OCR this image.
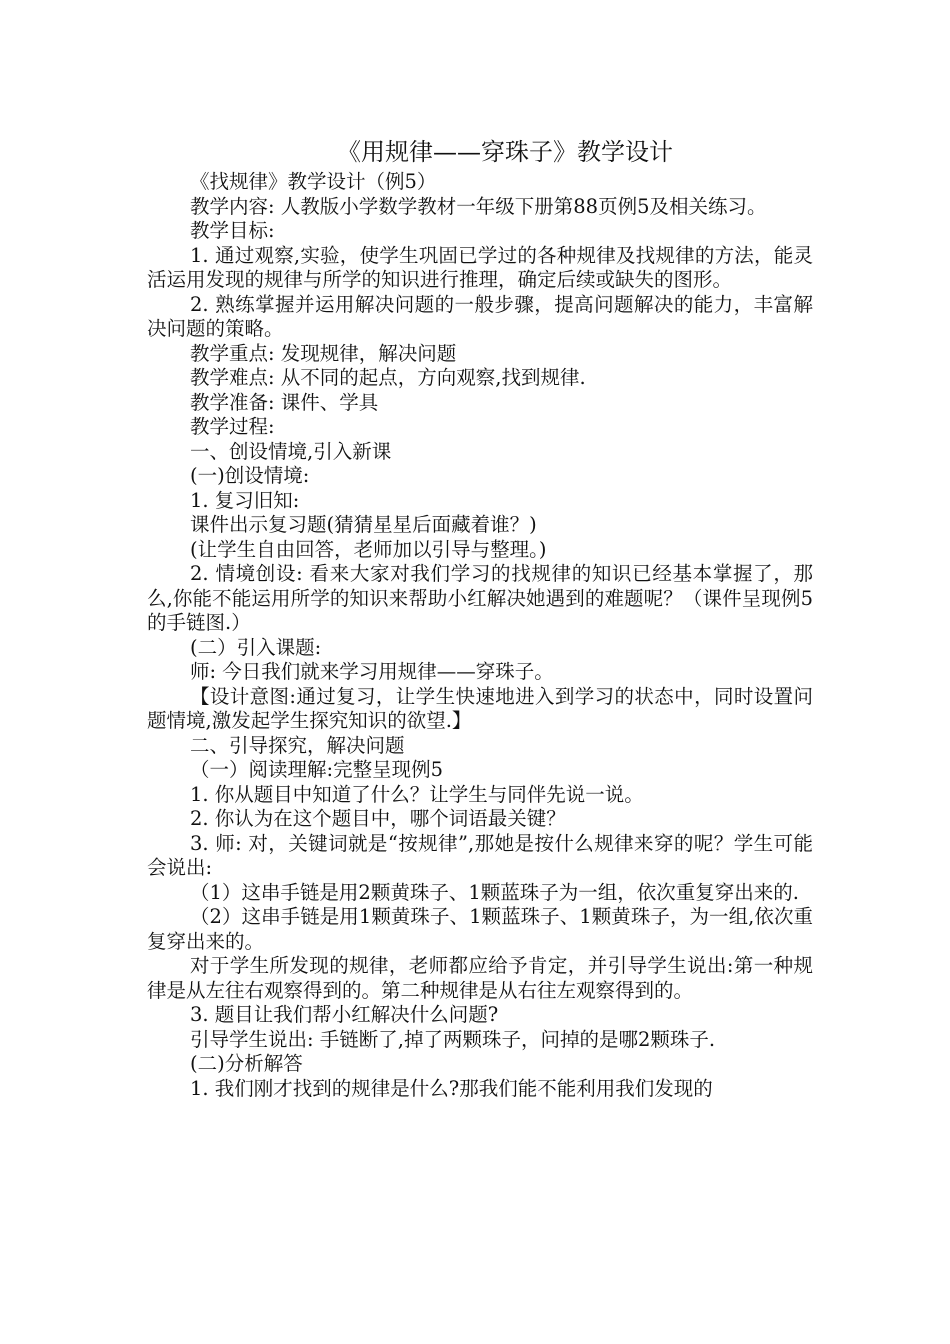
《用规律——穿珠子》教学设计

《找规律》教学设计（例5）

教学内容: 人教版小学数学教材一年级下册第88页例5及相关练习。

教学目标:

1. 通过观察,实验，使学生巩固已学过的各种规律及找规律的方法，能灵活运用发现的规律与所学的知识进行推理，确定后续或缺失的图形。

2. 熟练掌握并运用解决问题的一般步骤，提高问题解决的能力，丰富解决问题的策略。

教学重点: 发现规律，解决问题

教学难点: 从不同的起点，方向观察,找到规律.

教学准备: 课件、学具

教学过程:

一、创设情境,引入新课

(一)创设情境:

1. 复习旧知:

课件出示复习题(猜猜星星后面藏着谁？)

(让学生自由回答，老师加以引导与整理。)

2. 情境创设: 看来大家对我们学习的找规律的知识已经基本掌握了，那么,你能不能运用所学的知识来帮助小红解决她遇到的难题呢？（课件呈现例5的手链图.）

(二）引入课题:

师: 今日我们就来学习用规律——穿珠子。

【设计意图:通过复习，让学生快速地进入到学习的状态中，同时设置问题情境,激发起学生探究知识的欲望.】

二、引导探究，解决问题

（一）阅读理解:完整呈现例5

1. 你从题目中知道了什么？让学生与同伴先说一说。

2. 你认为在这个题目中，哪个词语最关键？

3. 师: 对，关键词就是“按规律”,那她是按什么规律来穿的呢？学生可能会说出:

（1）这串手链是用2颗黄珠子、1颗蓝珠子为一组，依次重复穿出来的.

（2）这串手链是用1颗黄珠子、1颗蓝珠子、1颗黄珠子，为一组,依次重复穿出来的。

对于学生所发现的规律，老师都应给予肯定，并引导学生说出:第一种规律是从左往右观察得到的。第二种规律是从右往左观察得到的。

3. 题目让我们帮小红解决什么问题?

引导学生说出: 手链断了,掉了两颗珠子，问掉的是哪2颗珠子.

(二)分析解答

1. 我们刚才找到的规律是什么?那我们能不能利用我们发现的
